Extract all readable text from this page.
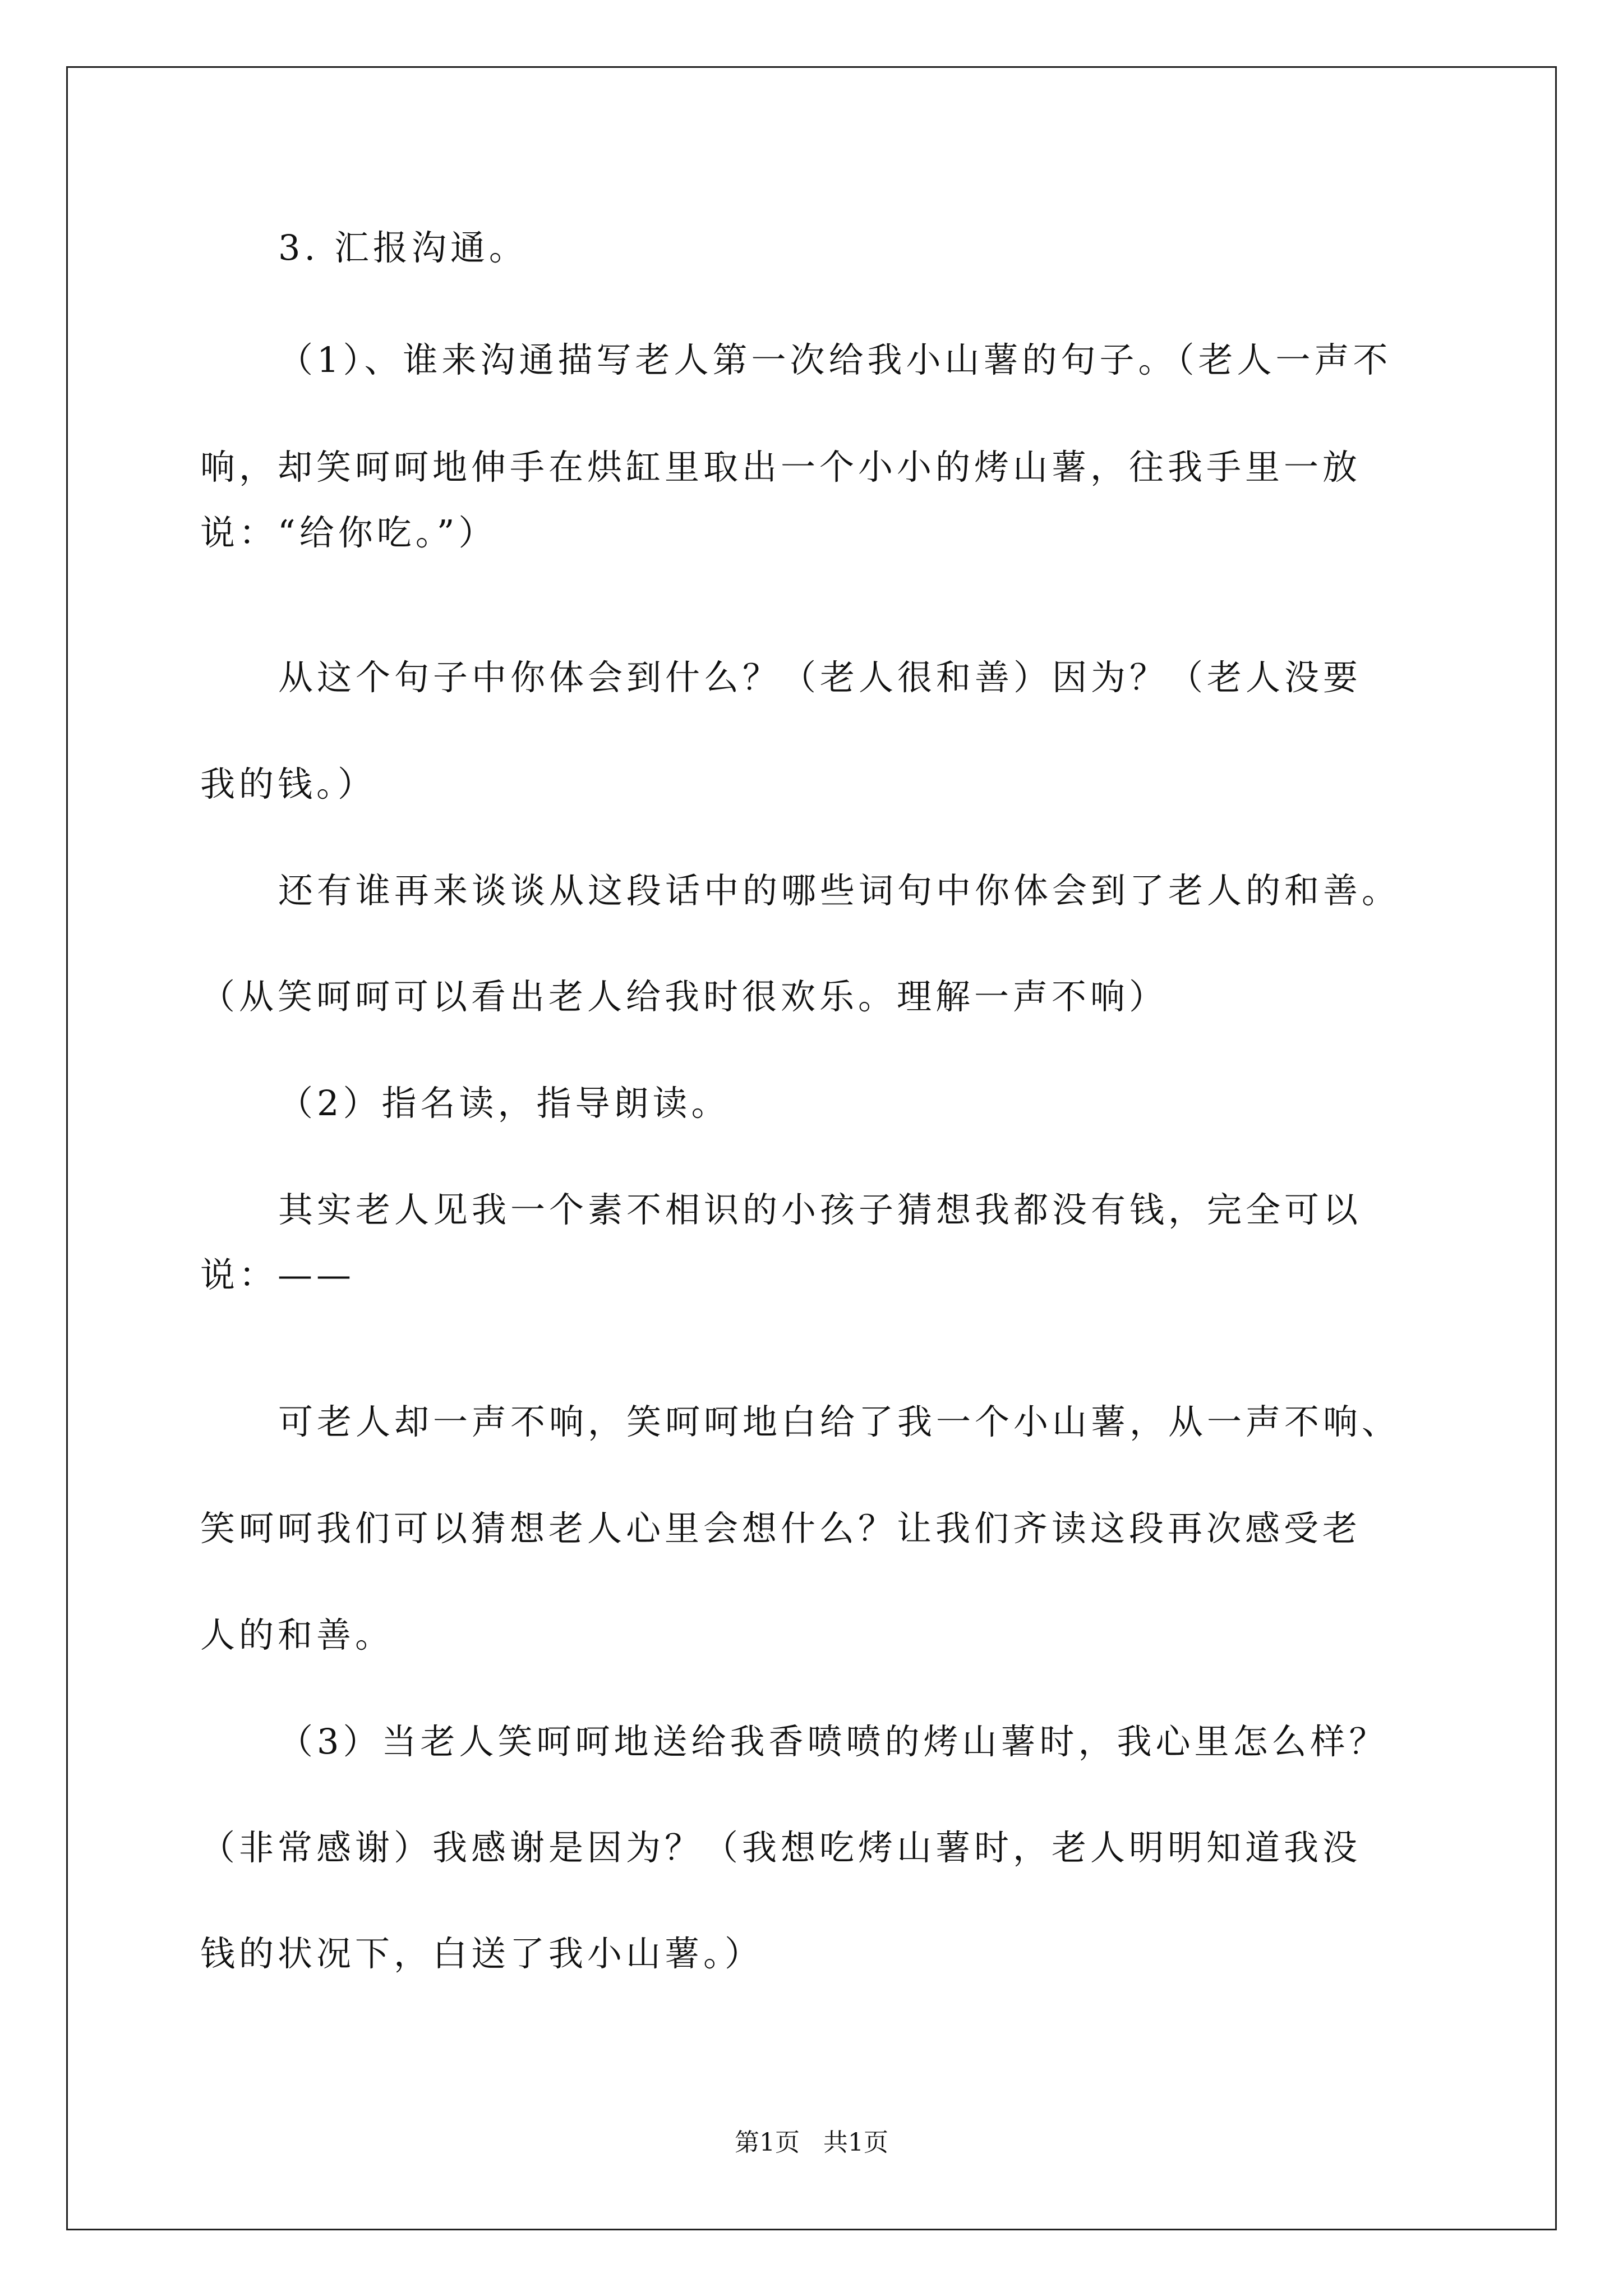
3. 汇报沟通。
（1）、谁来沟通描写老人第一次给我小山薯的句子。（老人一声不
响，却笑呵呵地伸手在烘缸里取出一个小小的烤山薯，往我手里一放
说：“给你吃。”）
从这个句子中你体会到什么？（老人很和善）因为？（老人没要
我的钱。）
还有谁再来谈谈从这段话中的哪些词句中你体会到了老人的和善。
（从笑呵呵可以看出老人给我时很欢乐。理解一声不响）
（2）指名读，指导朗读。
其实老人见我一个素不相识的小孩子猜想我都没有钱，完全可以
说：——
可老人却一声不响，笑呵呵地白给了我一个小山薯，从一声不响、
笑呵呵我们可以猜想老人心里会想什么？让我们齐读这段再次感受老
人的和善。
（3）当老人笑呵呵地送给我香喷喷的烤山薯时，我心里怎么样？
（非常感谢）我感谢是因为？（我想吃烤山薯时，老人明明知道我没
钱的状况下，白送了我小山薯。）
第1页   共1页
